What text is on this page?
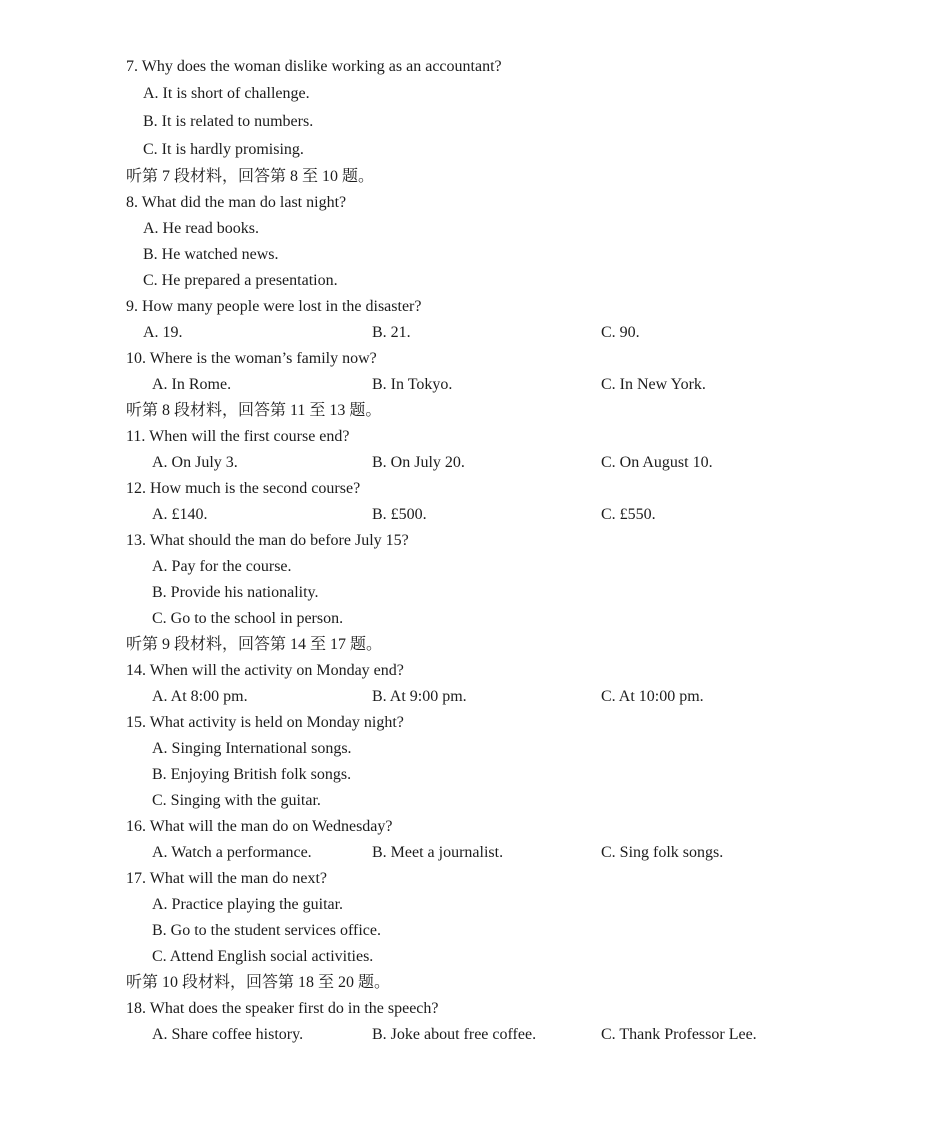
7. Why does the woman dislike working as an accountant?
A. It is short of challenge.
B. It is related to numbers.
C. It is hardly promising.
听第 7 段材料，回答第 8 至 10 题。
8. What did the man do last night?
A. He read books.
B. He watched news.
C. He prepared a presentation.
9. How many people were lost in the disaster?
A. 19.	B. 21.	C. 90.
10. Where is the woman’s family now?
A. In Rome.	B. In Tokyo.	C. In New York.
听第 8 段材料，回答第 11 至 13 题。
11. When will the first course end?
A. On July 3.	B. On July 20.	C. On August 10.
12. How much is the second course?
A. £140.	B. £500.	C. £550.
13. What should the man do before July 15?
A. Pay for the course.
B. Provide his nationality.
C. Go to the school in person.
听第 9 段材料，回答第 14 至 17 题。
14. When will the activity on Monday end?
A. At 8:00 pm.	B. At 9:00 pm.	C. At 10:00 pm.
15. What activity is held on Monday night?
A. Singing International songs.
B. Enjoying British folk songs.
C. Singing with the guitar.
16. What will the man do on Wednesday?
A. Watch a performance.	B. Meet a journalist.	C. Sing folk songs.
17. What will the man do next?
A. Practice playing the guitar.
B. Go to the student services office.
C. Attend English social activities.
听第 10 段材料，回答第 18 至 20 题。
18. What does the speaker first do in the speech?
A. Share coffee history.	B. Joke about free coffee.	C. Thank Professor Lee.
